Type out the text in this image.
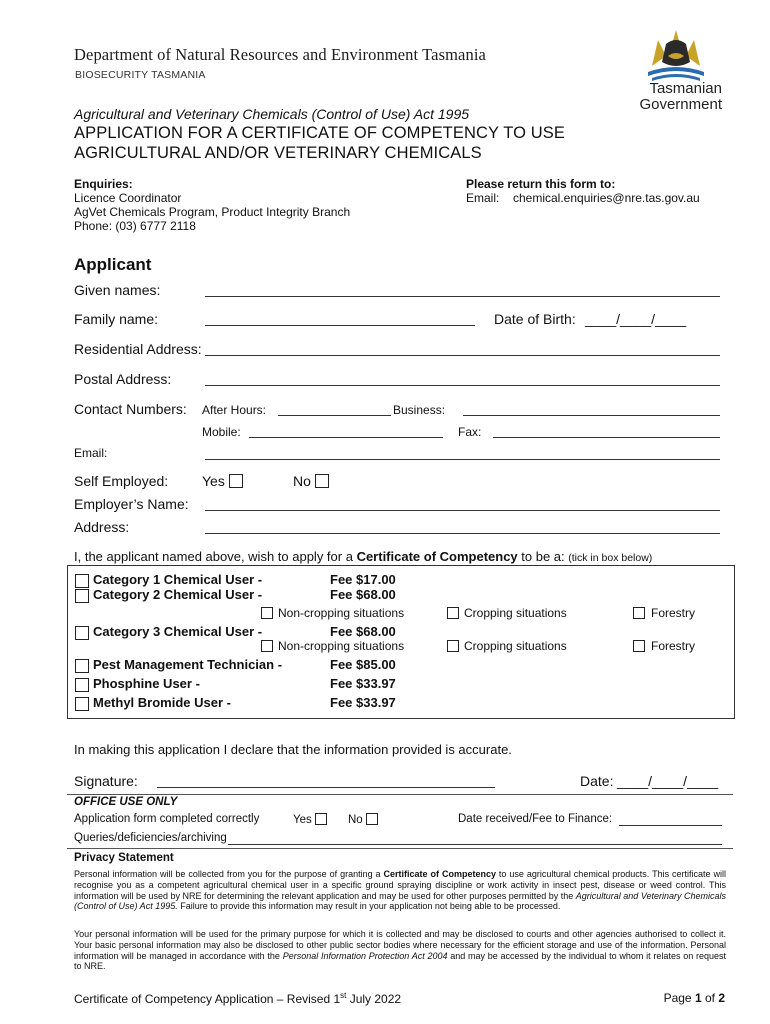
Department of Natural Resources and Environment Tasmania
BIOSECURITY TASMANIA
Tasmanian
Government
Agricultural and Veterinary Chemicals (Control of Use) Act 1995
APPLICATION FOR A CERTIFICATE OF COMPETENCY TO USE
AGRICULTURAL AND/OR VETERINARY CHEMICALS
Enquiries:
Licence Coordinator
AgVet Chemicals Program, Product Integrity Branch
Phone: (03) 6777 2118
Please return this form to:
Email: chemical.enquiries@nre.tas.gov.au
Applicant
Given names:
Family name:	Date of Birth: ____/____/____
Residential Address:
Postal Address:
Contact Numbers: After Hours:	Business:
Mobile:	Fax:
Email:
Self Employed: Yes	No
Employer’s Name:
Address:
I, the applicant named above, wish to apply for a Certificate of Competency to be a: (tick in box below)
Category 1 Chemical User -	Fee $17.00
Category 2 Chemical User -	Fee $68.00
Non-cropping situations	Cropping situations	Forestry
Category 3 Chemical User -	Fee $68.00
Non-cropping situations	Cropping situations	Forestry
Pest Management Technician -	Fee $85.00
Phosphine User -	Fee $33.97
Methyl Bromide User -	Fee $33.97
In making this application I declare that the information provided is accurate.
Signature:	Date: ____/____/____
OFFICE USE ONLY
Application form completed correctly	Yes	No	Date received/Fee to Finance:
Queries/deficiencies/archiving
Privacy Statement
Personal information will be collected from you for the purpose of granting a Certificate of Competency to use agricultural chemical products. This certificate will recognise you as a competent agricultural chemical user in a specific ground spraying discipline or work activity in insect pest, disease or weed control. This information will be used by NRE for determining the relevant application and may be used for other purposes permitted by the Agricultural and Veterinary Chemicals (Control of Use) Act 1995. Failure to provide this information may result in your application not being able to be processed.
Your personal information will be used for the primary purpose for which it is collected and may be disclosed to courts and other agencies authorised to collect it. Your basic personal information may also be disclosed to other public sector bodies where necessary for the efficient storage and use of the information. Personal information will be managed in accordance with the Personal Information Protection Act 2004 and may be accessed by the individual to whom it relates on request to NRE.
Certificate of Competency Application – Revised 1st July 2022	Page 1 of 2
